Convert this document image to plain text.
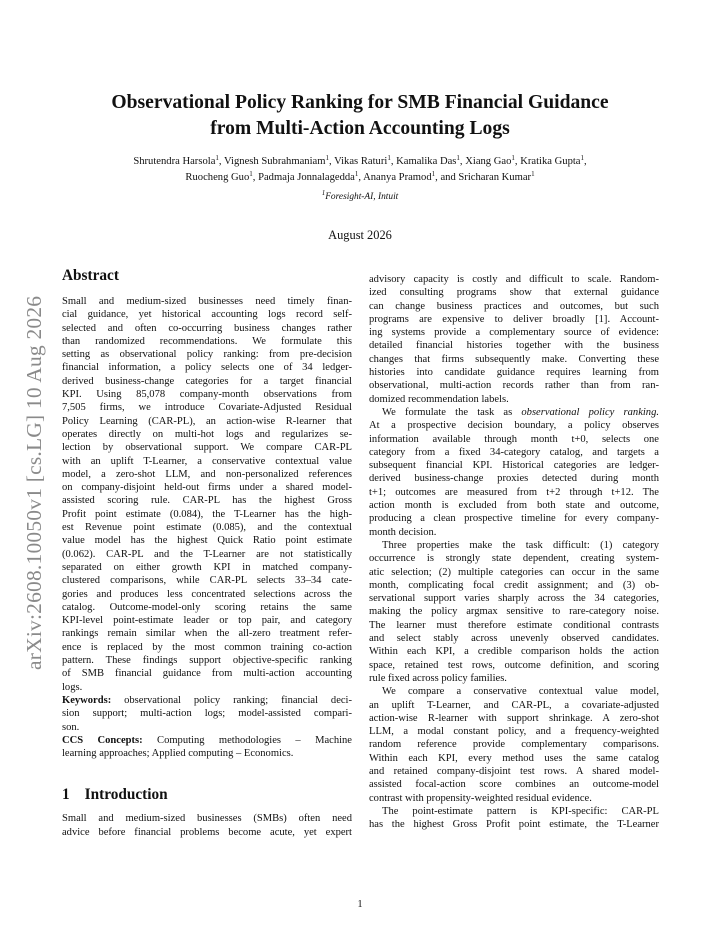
arXiv:2608.10050v1 [cs.LG] 10 Aug 2026
Observational Policy Ranking for SMB Financial Guidance
from Multi-Action Accounting Logs
Shrutendra Harsola$^1$, Vignesh Subrahmaniam$^1$, Vikas Raturi$^1$, Kamalika Das$^1$, Xiang Gao$^1$, Kratika Gupta$^1$,
Ruocheng Guo$^1$, Padmaja Jonnalagedda$^1$, Ananya Pramod$^1$, and Sricharan Kumar$^1$
$^1$Foresight-AI, Intuit
August 2026
Abstract
Small and medium-sized businesses need timely finan-
cial guidance, yet historical accounting logs record self-
selected and often co-occurring business changes rather
than randomized recommendations. We formulate this
setting as observational policy ranking: from pre-decision
financial information, a policy selects one of 34 ledger-
derived business-change categories for a target financial
KPI. Using 85,078 company-month observations from
7,505 firms, we introduce Covariate-Adjusted Residual
Policy Learning (CAR-PL), an action-wise R-learner that
operates directly on multi-hot logs and regularizes se-
lection by observational support. We compare CAR-PL
with an uplift T-Learner, a conservative contextual value
model, a zero-shot LLM, and non-personalized references
on company-disjoint held-out firms under a shared model-
assisted scoring rule. CAR-PL has the highest Gross
Profit point estimate (0.084), the T-Learner has the high-
est Revenue point estimate (0.085), and the contextual
value model has the highest Quick Ratio point estimate
(0.062). CAR-PL and the T-Learner are not statistically
separated on either growth KPI in matched company-
clustered comparisons, while CAR-PL selects 33–34 cate-
gories and produces less concentrated selections across the
catalog. Outcome-model-only scoring retains the same
KPI-level point-estimate leader or top pair, and category
rankings remain similar when the all-zero treatment refer-
ence is replaced by the most common training co-action
pattern. These findings support objective-specific ranking
of SMB financial guidance from multi-action accounting
logs.
Keywords: observational policy ranking; financial deci-
sion support; multi-action logs; model-assisted compari-
son.
CCS Concepts: Computing methodologies – Machine
learning approaches; Applied computing – Economics.
1 Introduction
Small and medium-sized businesses (SMBs) often need
advice before financial problems become acute, yet expert
advisory capacity is costly and difficult to scale. Random-
ized consulting programs show that external guidance
can change business practices and outcomes, but such
programs are expensive to deliver broadly [1]. Account-
ing systems provide a complementary source of evidence:
detailed financial histories together with the business
changes that firms subsequently make. Converting these
histories into candidate guidance requires learning from
observational, multi-action records rather than from ran-
domized recommendation labels.
We formulate the task as observational policy ranking.
At a prospective decision boundary, a policy observes
information available through month t+0, selects one
category from a fixed 34-category catalog, and targets a
subsequent financial KPI. Historical categories are ledger-
derived business-change proxies detected during month
t+1; outcomes are measured from t+2 through t+12. The
action month is excluded from both state and outcome,
producing a clean prospective timeline for every company-
month decision.
Three properties make the task difficult: (1) category
occurrence is strongly state dependent, creating system-
atic selection; (2) multiple categories can occur in the same
month, complicating focal credit assignment; and (3) ob-
servational support varies sharply across the 34 categories,
making the policy argmax sensitive to rare-category noise.
The learner must therefore estimate conditional contrasts
and select stably across unevenly observed candidates.
Within each KPI, a credible comparison holds the action
space, retained test rows, outcome definition, and scoring
rule fixed across policy families.
We compare a conservative contextual value model,
an uplift T-Learner, and CAR-PL, a covariate-adjusted
action-wise R-learner with support shrinkage. A zero-shot
LLM, a modal constant policy, and a frequency-weighted
random reference provide complementary comparisons.
Within each KPI, every method uses the same catalog
and retained company-disjoint test rows. A shared model-
assisted focal-action score combines an outcome-model
contrast with propensity-weighted residual evidence.
The point-estimate pattern is KPI-specific: CAR-PL
has the highest Gross Profit point estimate, the T-Learner
1
